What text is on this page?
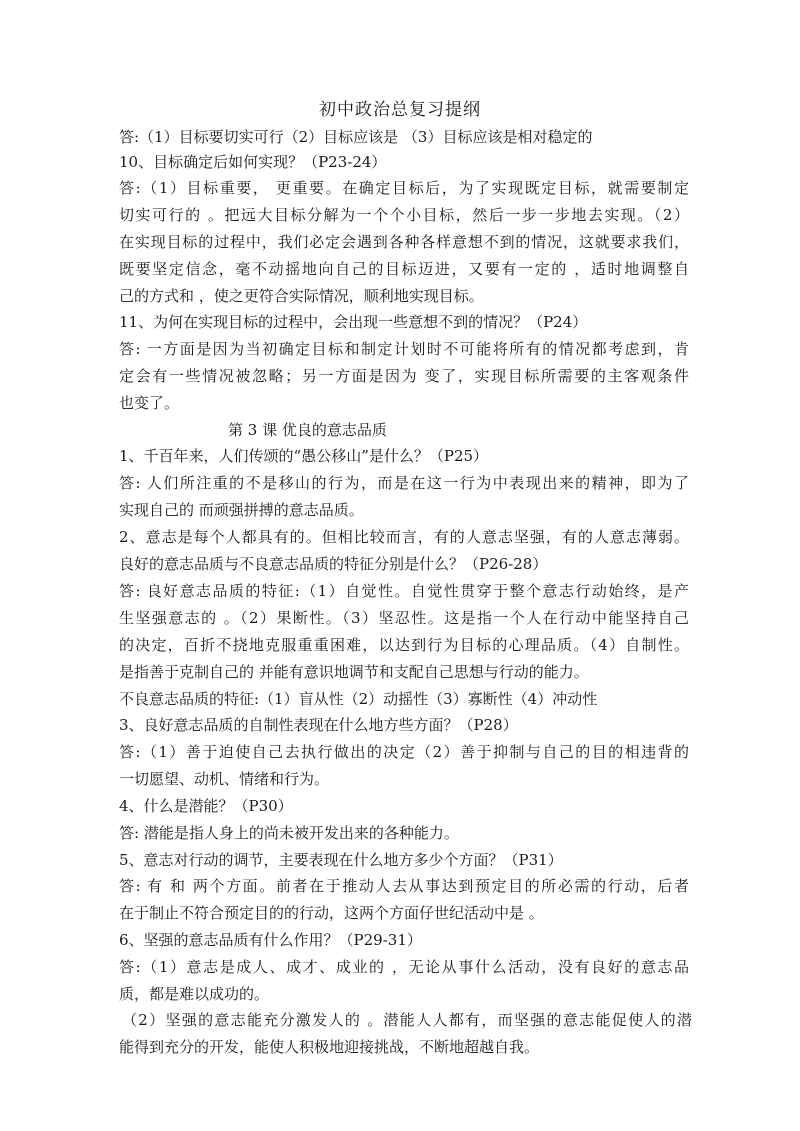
初中政治总复习提纲
答:（1）目标要切实可行（2）目标应该是 （3）目标应该是相对稳定的
10、目标确定后如何实现？（P23-24）
答:（1）目标重要， 更重要。在确定目标后，为了实现既定目标，就需要制定
切实可行的 。把远大目标分解为一个个小目标，然后一步一步地去实现。（2）
在实现目标的过程中，我们必定会遇到各种各样意想不到的情况，这就要求我们，
既要坚定信念，毫不动摇地向自己的目标迈进，又要有一定的 ，适时地调整自
己的方式和 ，使之更符合实际情况，顺利地实现目标。
11、为何在实现目标的过程中，会出现一些意想不到的情况？（P24）
答: 一方面是因为当初确定目标和制定计划时不可能将所有的情况都考虑到，肯
定会有一些情况被忽略；另一方面是因为 变了，实现目标所需要的主客观条件
也变了。
第 3 课 优良的意志品质
1、千百年来，人们传颂的“愚公移山”是什么？（P25）
答: 人们所注重的不是移山的行为，而是在这一行为中表现出来的精神，即为了
实现自己的 而顽强拼搏的意志品质。
2、意志是每个人都具有的。但相比较而言，有的人意志坚强，有的人意志薄弱。
良好的意志品质与不良意志品质的特征分别是什么？（P26-28）
答: 良好意志品质的特征:（1）自觉性。自觉性贯穿于整个意志行动始终，是产
生坚强意志的 。（2）果断性。（3）坚忍性。这是指一个人在行动中能坚持自己
的决定，百折不挠地克服重重困难，以达到行为目标的心理品质。（4）自制性。
是指善于克制自己的 并能有意识地调节和支配自己思想与行动的能力。
不良意志品质的特征:（1）盲从性（2）动摇性（3）寡断性（4）冲动性
3、良好意志品质的自制性表现在什么地方些方面？（P28）
答:（1）善于迫使自己去执行做出的决定（2）善于抑制与自己的目的相违背的
一切愿望、动机、情绪和行为。
4、什么是潜能？（P30）
答: 潜能是指人身上的尚未被开发出来的各种能力。
5、意志对行动的调节，主要表现在什么地方多少个方面？（P31）
答: 有 和 两个方面。前者在于推动人去从事达到预定目的所必需的行动，后者
在于制止不符合预定目的的行动，这两个方面仔世纪活动中是 。
6、坚强的意志品质有什么作用？（P29-31）
答:（1）意志是成人、成才、成业的 ，无论从事什么活动，没有良好的意志品
质，都是难以成功的。
（2）坚强的意志能充分激发人的 。潜能人人都有，而坚强的意志能促使人的潜
能得到充分的开发，能使人积极地迎接挑战，不断地超越自我。
